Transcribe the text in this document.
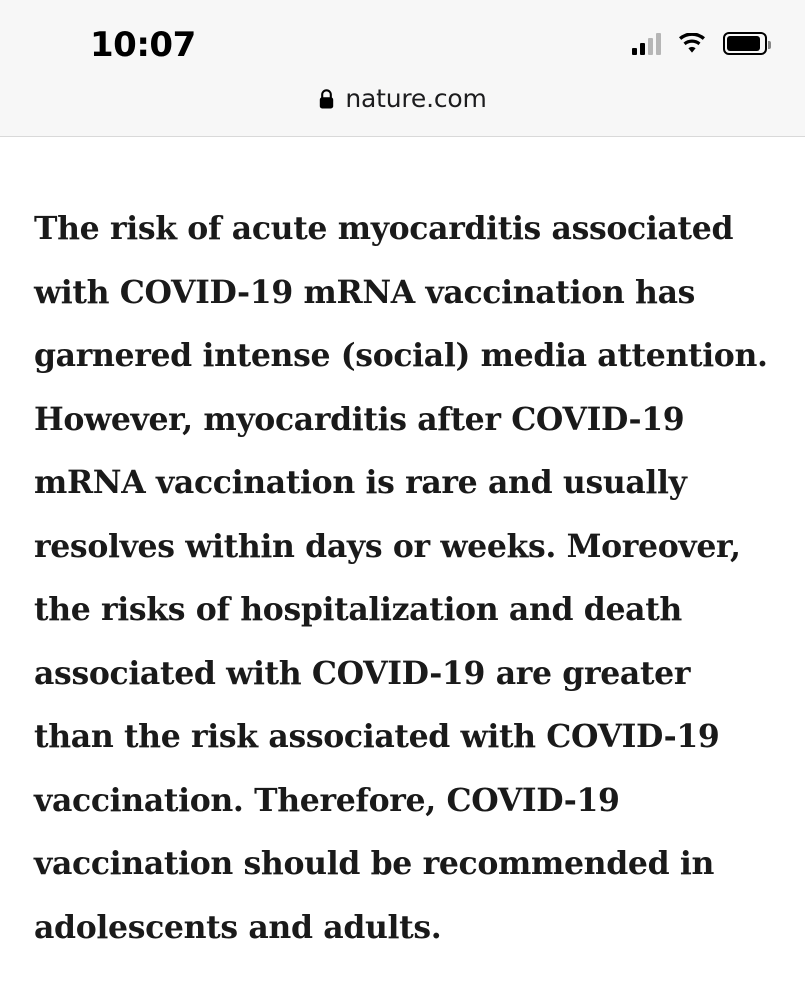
10:07
nature.com

The risk of acute myocarditis associated with COVID-19 mRNA vaccination has garnered intense (social) media attention. However, myocarditis after COVID-19 mRNA vaccination is rare and usually resolves within days or weeks. Moreover, the risks of hospitalization and death associated with COVID-19 are greater than the risk associated with COVID-19 vaccination. Therefore, COVID-19 vaccination should be recommended in adolescents and adults.
